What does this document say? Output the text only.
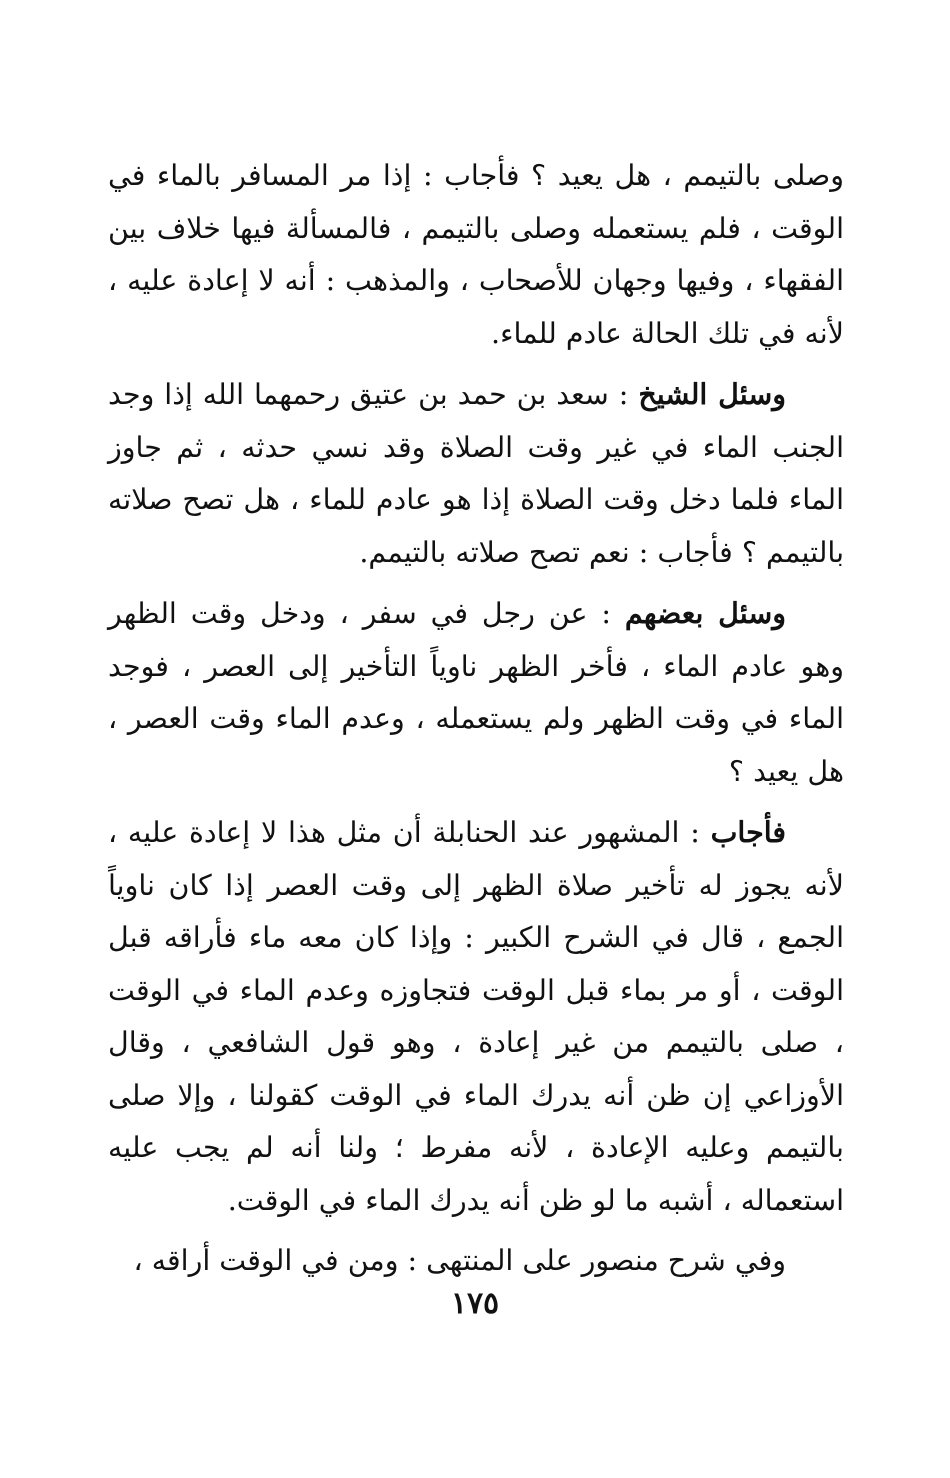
وصلى بالتيمم ، هل يعيد ؟ فأجاب : إذا مر المسافر بالماء في الوقت ، فلم يستعمله وصلى بالتيمم ، فالمسألة فيها خلاف بين الفقهاء ، وفيها وجهان للأصحاب ، والمذهب : أنه لا إعادة عليه ، لأنه في تلك الحالة عادم للماء.

وسئل الشيخ : سعد بن حمد بن عتيق رحمهما الله إذا وجد الجنب الماء في غير وقت الصلاة وقد نسي حدثه ، ثم جاوز الماء فلما دخل وقت الصلاة إذا هو عادم للماء ، هل تصح صلاته بالتيمم ؟ فأجاب : نعم تصح صلاته بالتيمم.

وسئل بعضهم : عن رجل في سفر ، ودخل وقت الظهر وهو عادم الماء ، فأخر الظهر ناوياً التأخير إلى العصر ، فوجد الماء في وقت الظهر ولم يستعمله ، وعدم الماء وقت العصر ، هل يعيد ؟

فأجاب : المشهور عند الحنابلة أن مثل هذا لا إعادة عليه ، لأنه يجوز له تأخير صلاة الظهر إلى وقت العصر إذا كان ناوياً الجمع ، قال في الشرح الكبير : وإذا كان معه ماء فأراقه قبل الوقت ، أو مر بماء قبل الوقت فتجاوزه وعدم الماء في الوقت ، صلى بالتيمم من غير إعادة ، وهو قول الشافعي ، وقال الأوزاعي إن ظن أنه يدرك الماء في الوقت كقولنا ، وإلا صلى بالتيمم وعليه الإعادة ، لأنه مفرط ؛ ولنا أنه لم يجب عليه استعماله ، أشبه ما لو ظن أنه يدرك الماء في الوقت.

وفي شرح منصور على المنتهى : ومن في الوقت أراقه ،

١٧٥
